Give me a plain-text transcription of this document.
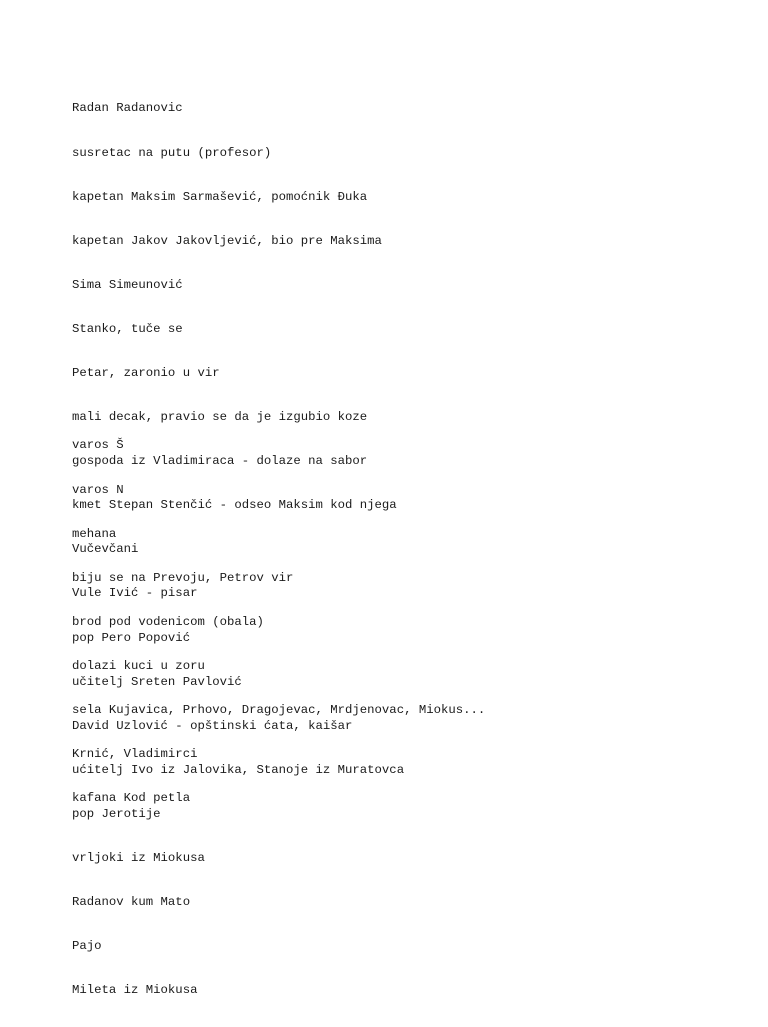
Radan Radanovic

susretac na putu (profesor)

kapetan Maksim Sarmašević, pomoćnik Đuka

kapetan Jakov Jakovljević, bio pre Maksima

Sima Simeunović

Stanko, tuče se

Petar, zaronio u vir

mali decak, pravio se da je izgubio koze

gospoda iz Vladimiraca - dolaze na sabor

kmet Stepan Stenčić - odseo Maksim kod njega

Vučevčani

Vule Ivić - pisar

pop Pero Popović

učitelj Sreten Pavlović

David Uzlović - opštinski ćata, kaišar

ućitelj Ivo iz Jalovika, Stanoje iz Muratovca

pop Jerotije

vrljoki iz Miokusa

Radanov kum Mato

Pajo

Mileta iz Miokusa

varos Š

varos N

mehana

biju se na Prevoju, Petrov vir

brod pod vodenicom (obala)

dolazi kuci u zoru

sela Kujavica, Prhovo, Dragojevac, Mrdjenovac, Miokus...

Krnić, Vladimirci

kafana Kod petla
